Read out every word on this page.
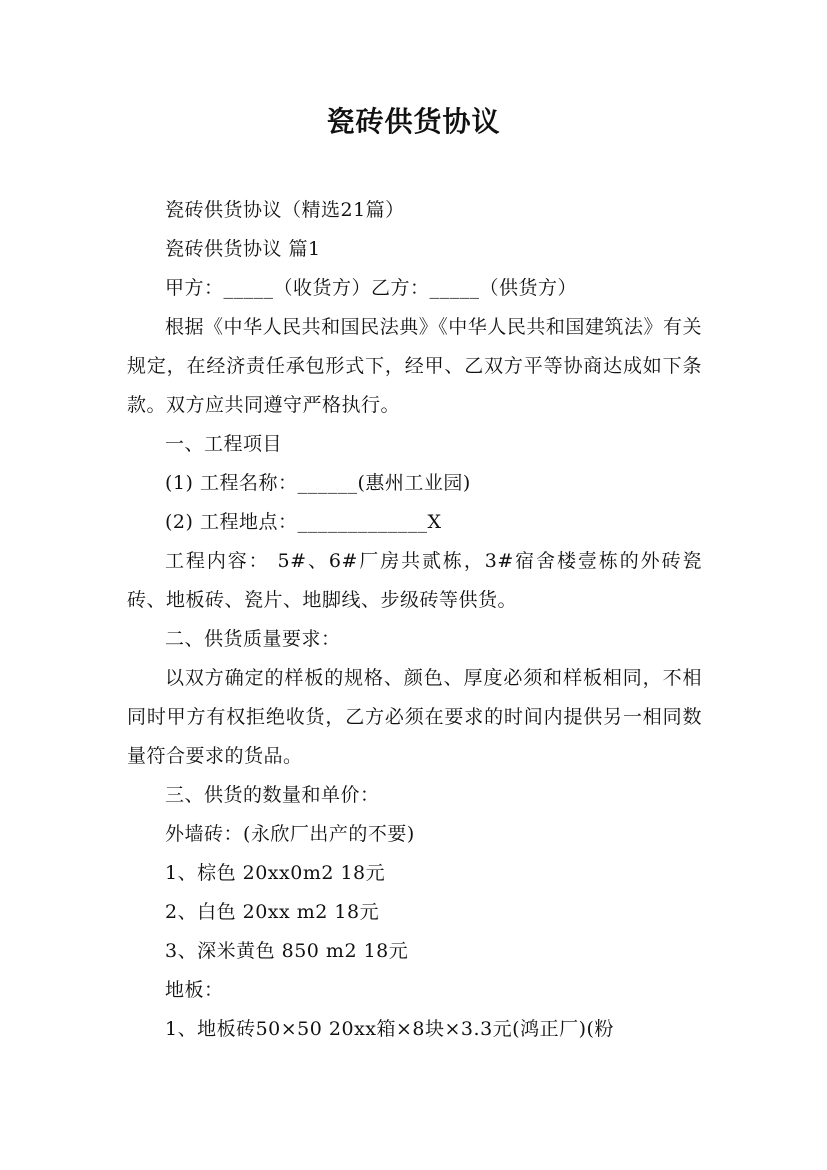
瓷砖供货协议

瓷砖供货协议（精选21篇）

瓷砖供货协议 篇1

甲方：_____（收货方）乙方：_____（供货方）

根据《中华人民共和国民法典》《中华人民共和国建筑法》有关规定，在经济责任承包形式下，经甲、乙双方平等协商达成如下条款。双方应共同遵守严格执行。

一、工程项目

(1) 工程名称：______(惠州工业园)

(2) 工程地点：_____________X

工程内容： 5#、6#厂房共贰栋，3#宿舍楼壹栋的外砖瓷砖、地板砖、瓷片、地脚线、步级砖等供货。

二、供货质量要求：

以双方确定的样板的规格、颜色、厚度必须和样板相同，不相同时甲方有权拒绝收货，乙方必须在要求的时间内提供另一相同数量符合要求的货品。

三、供货的数量和单价：

外墙砖：(永欣厂出产的不要)

1、棕色 20xx0m2 18元

2、白色 20xx m2 18元

3、深米黄色 850 m2 18元

地板：

1、地板砖50×50 20xx箱×8块×3.3元(鸿正厂)(粉
